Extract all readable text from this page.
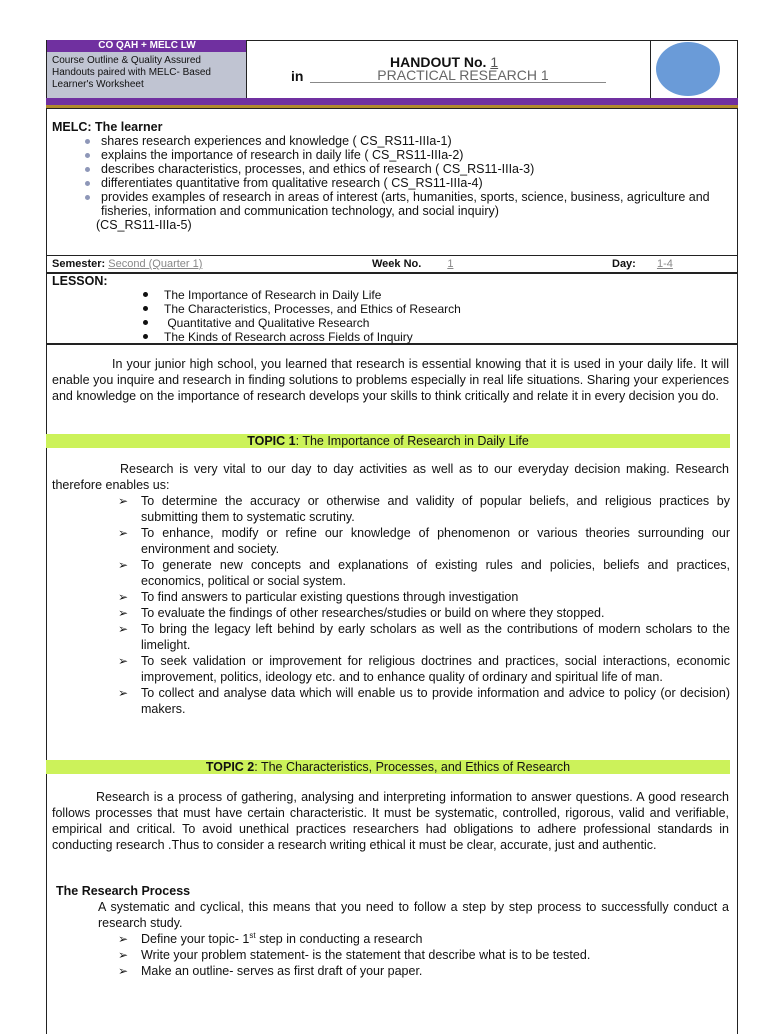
CO QAH + MELC LW
Course Outline & Quality Assured Handouts paired with MELC- Based Learner's Worksheet
HANDOUT No. 1
in	PRACTICAL RESEARCH 1
MELC: The learner
shares research experiences and knowledge ( CS_RS11-IIIa-1)
explains the importance of research in daily life ( CS_RS11-IIIa-2)
describes characteristics, processes, and ethics of research ( CS_RS11-IIIa-3)
differentiates quantitative from qualitative research ( CS_RS11-IIIa-4)
provides examples of research in areas of interest (arts, humanities, sports, science, business, agriculture and fisheries, information and communication technology, and social inquiry)
(CS_RS11-IIIa-5)
Semester: Second (Quarter 1)	Week No. 1	Day: 1-4
LESSON:
The Importance of Research in Daily Life
The Characteristics, Processes, and Ethics of Research
Quantitative and Qualitative Research
The Kinds of Research across Fields of Inquiry
In your junior high school, you learned that research is essential knowing that it is used in your daily life. It will enable you inquire and research in finding solutions to problems especially in real life situations. Sharing your experiences and knowledge on the importance of research develops your skills to think critically and relate it in every decision you do.
TOPIC 1: The Importance of Research in Daily Life
Research is very vital to our day to day activities as well as to our everyday decision making. Research therefore enables us:
➢ To determine the accuracy or otherwise and validity of popular beliefs, and religious practices by submitting them to systematic scrutiny.
➢ To enhance, modify or refine our knowledge of phenomenon or various theories surrounding our environment and society.
➢ To generate new concepts and explanations of existing rules and policies, beliefs and practices, economics, political or social system.
➢ To find answers to particular existing questions through investigation
➢ To evaluate the findings of other researches/studies or build on where they stopped.
➢ To bring the legacy left behind by early scholars as well as the contributions of modern scholars to the limelight.
➢ To seek validation or improvement for religious doctrines and practices, social interactions, economic improvement, politics, ideology etc. and to enhance quality of ordinary and spiritual life of man.
➢ To collect and analyse data which will enable us to provide information and advice to policy (or decision) makers.
TOPIC 2: The Characteristics, Processes, and Ethics of Research
Research is a process of gathering, analysing and interpreting information to answer questions. A good research follows processes that must have certain characteristic. It must be systematic, controlled, rigorous, valid and verifiable, empirical and critical. To avoid unethical practices researchers had obligations to adhere professional standards in conducting research .Thus to consider a research writing ethical it must be clear, accurate, just and authentic.
The Research Process
A systematic and cyclical, this means that you need to follow a step by step process to successfully conduct a research study.
➢ Define your topic- 1st step in conducting a research
➢ Write your problem statement- is the statement that describe what is to be tested.
➢ Make an outline- serves as first draft of your paper.
